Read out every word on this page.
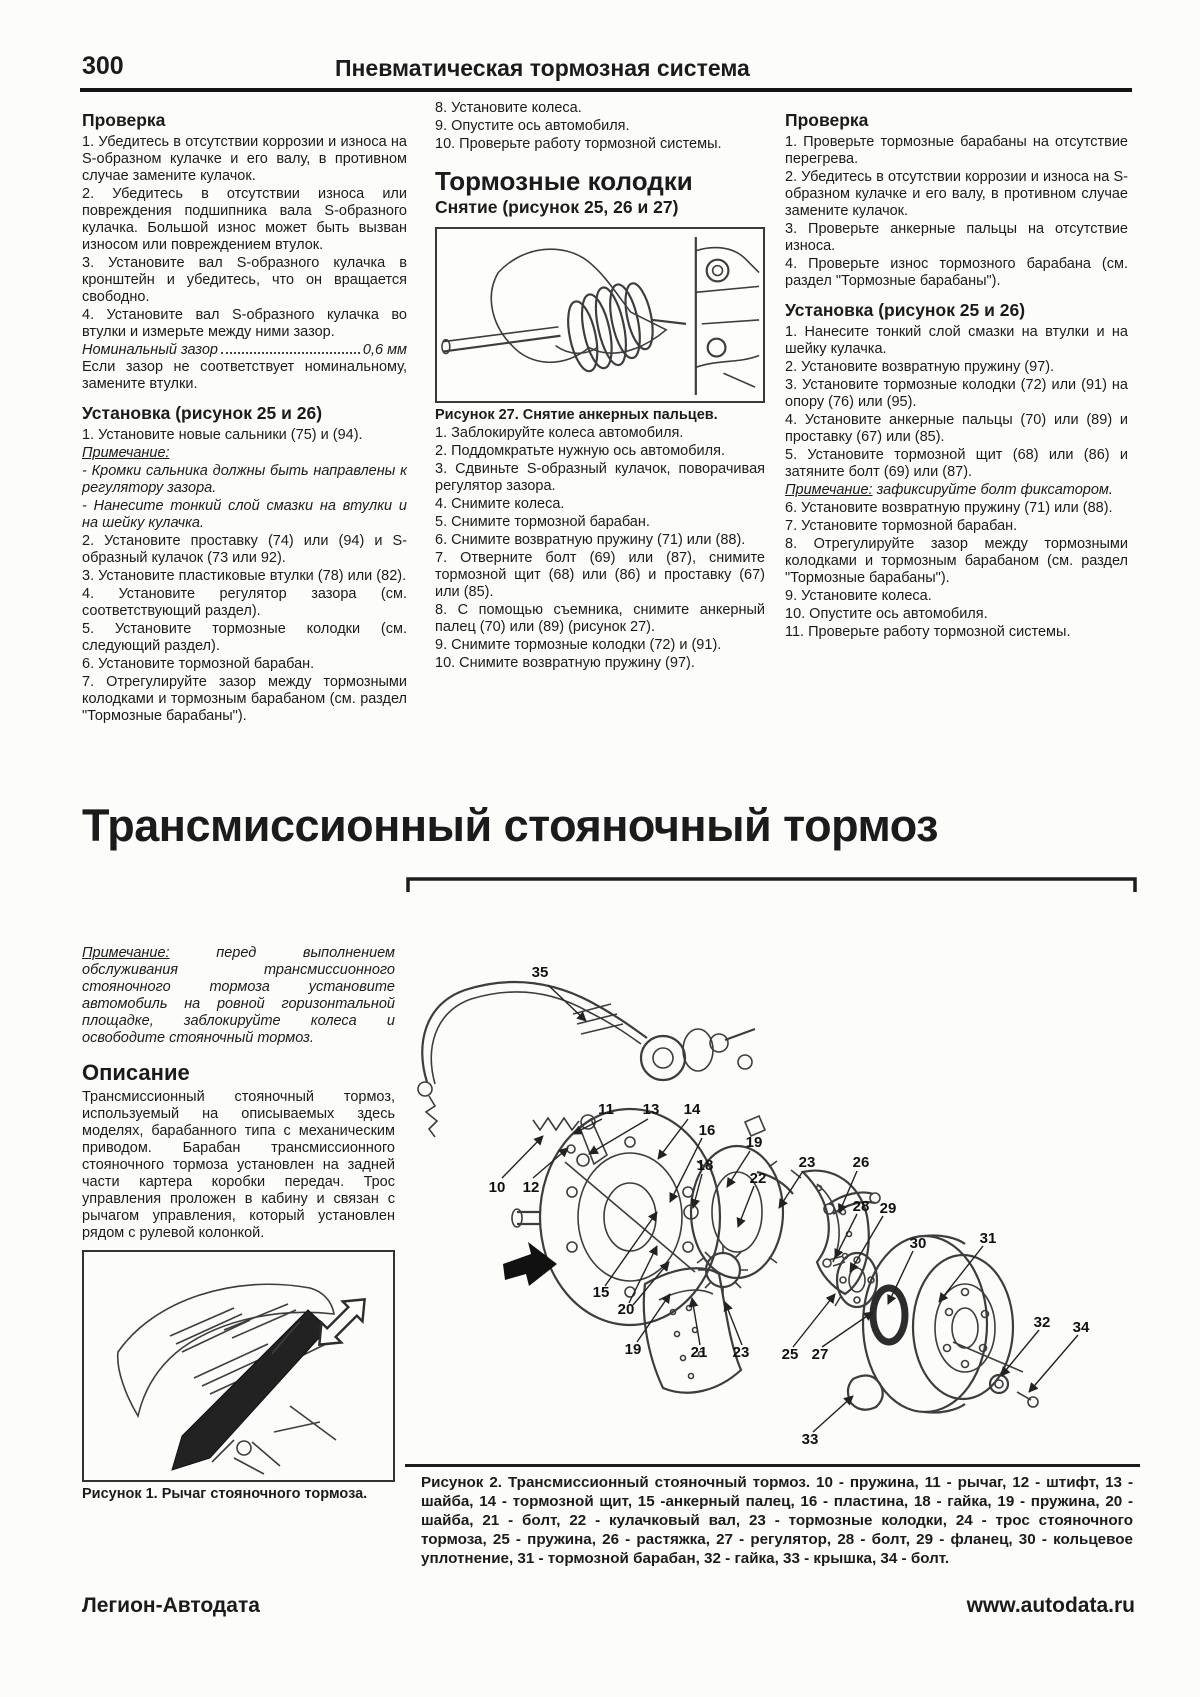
300	Пневматическая тормозная система
Проверка

1. Убедитесь в отсутствии коррозии и износа на S-образном кулачке и его валу, в противном случае замените кулачок.

2. Убедитесь в отсутствии износа или повреждения подшипника вала S-образного кулачка. Большой износ может быть вызван износом или повреждением втулок.

3. Установите вал S-образного кулачка в кронштейн и убедитесь, что он вращается свободно.

4. Установите вал S-образного кулачка во втулки и измерьте между ними зазор.

Номинальный зазор	0,6 мм

Если зазор не соответствует номинальному, замените втулки.

Установка (рисунок 25 и 26)

1. Установите новые сальники (75) и (94).

Примечание:

- Кромки сальника должны быть направлены к регулятору зазора.

- Нанесите тонкий слой смазки на втулки и на шейку кулачка.

2. Установите проставку (74) или (94) и S-образный кулачок (73 или 92).

3. Установите пластиковые втулки (78) или (82).

4. Установите регулятор зазора (см. соответствующий раздел).

5. Установите тормозные колодки (см. следующий раздел).

6. Установите тормозной барабан.

7. Отрегулируйте зазор между тормозными колодками и тормозным барабаном (см. раздел "Тормозные барабаны").

8. Установите колеса.

9. Опустите ось автомобиля.

10. Проверьте работу тормозной системы.

Тормозные колодки
Снятие (рисунок 25, 26 и 27)

Рисунок 27. Снятие анкерных пальцев.

1. Заблокируйте колеса автомобиля.

2. Поддомкратьте нужную ось автомобиля.

3. Сдвиньте S-образный кулачок, поворачивая регулятор зазора.

4. Снимите колеса.

5. Снимите тормозной барабан.

6. Снимите возвратную пружину (71) или (88).

7. Отверните болт (69) или (87), снимите тормозной щит (68) или (86) и проставку (67) или (85).

8. С помощью съемника, снимите анкерный палец (70) или (89) (рисунок 27).

9. Снимите тормозные колодки (72) и (91).

10. Снимите возвратную пружину (97).

Проверка

1. Проверьте тормозные барабаны на отсутствие перегрева.

2. Убедитесь в отсутствии коррозии и износа на S-образном кулачке и его валу, в противном случае замените кулачок.

3. Проверьте анкерные пальцы на отсутствие износа.

4. Проверьте износ тормозного барабана (см. раздел "Тормозные барабаны").

Установка (рисунок 25 и 26)

1. Нанесите тонкий слой смазки на втулки и на шейку кулачка.

2. Установите возвратную пружину (97).

3. Установите тормозные колодки (72) или (91) на опору (76) или (95).

4. Установите анкерные пальцы (70) или (89) и проставку (67) или (85).

5. Установите тормозной щит (68) или (86) и затяните болт (69) или (87).

Примечание: зафиксируйте болт фиксатором.

6. Установите возвратную пружину (71) или (88).

7. Установите тормозной барабан.

8. Отрегулируйте зазор между тормозными колодками и тормозным барабаном (см. раздел "Тормозные барабаны").

9. Установите колеса.

10. Опустите ось автомобиля.

11. Проверьте работу тормозной системы.

Трансмиссионный стояночный тормоз

Примечание:	перед выполнением обслуживания трансмиссионного стояночного тормоза установите автомобиль на ровной горизонтальной площадке, заблокируйте колеса и освободите стояночный тормоз.

Описание

Трансмиссионный стояночный тормоз, используемый на описываемых здесь моделях, барабанного типа с механическим приводом. Барабан трансмиссионного стояночного тормоза установлен на задней части картера коробки передач. Трос управления проложен в кабину и связан с рычагом управления, который установлен рядом с рулевой колонкой.

Рисунок 1. Рычаг стояночного тормоза.

35
10 12
11 13 14
16
18
19
22
23 26
28 29
30	31
15
20
19	21 23 25 27
32 34
33

Рисунок 2. Трансмиссионный стояночный тормоз. 10 - пружина, 11 - рычаг, 12 - штифт, 13 - шайба, 14 - тормозной щит, 15 -анкерный палец, 16 - пластина, 18 - гайка, 19 - пружина, 20 - шайба, 21 - болт, 22 - кулачковый вал, 23 - тормозные колодки, 24 - трос стояночного тормоза, 25 - пружина, 26 - растяжка, 27 - регулятор, 28 - болт, 29 - фланец, 30 - кольцевое уплотнение, 31 - тормозной барабан, 32 - гайка, 33 - крышка, 34 - болт.

Легион-Автодата	www.autodata.ru
